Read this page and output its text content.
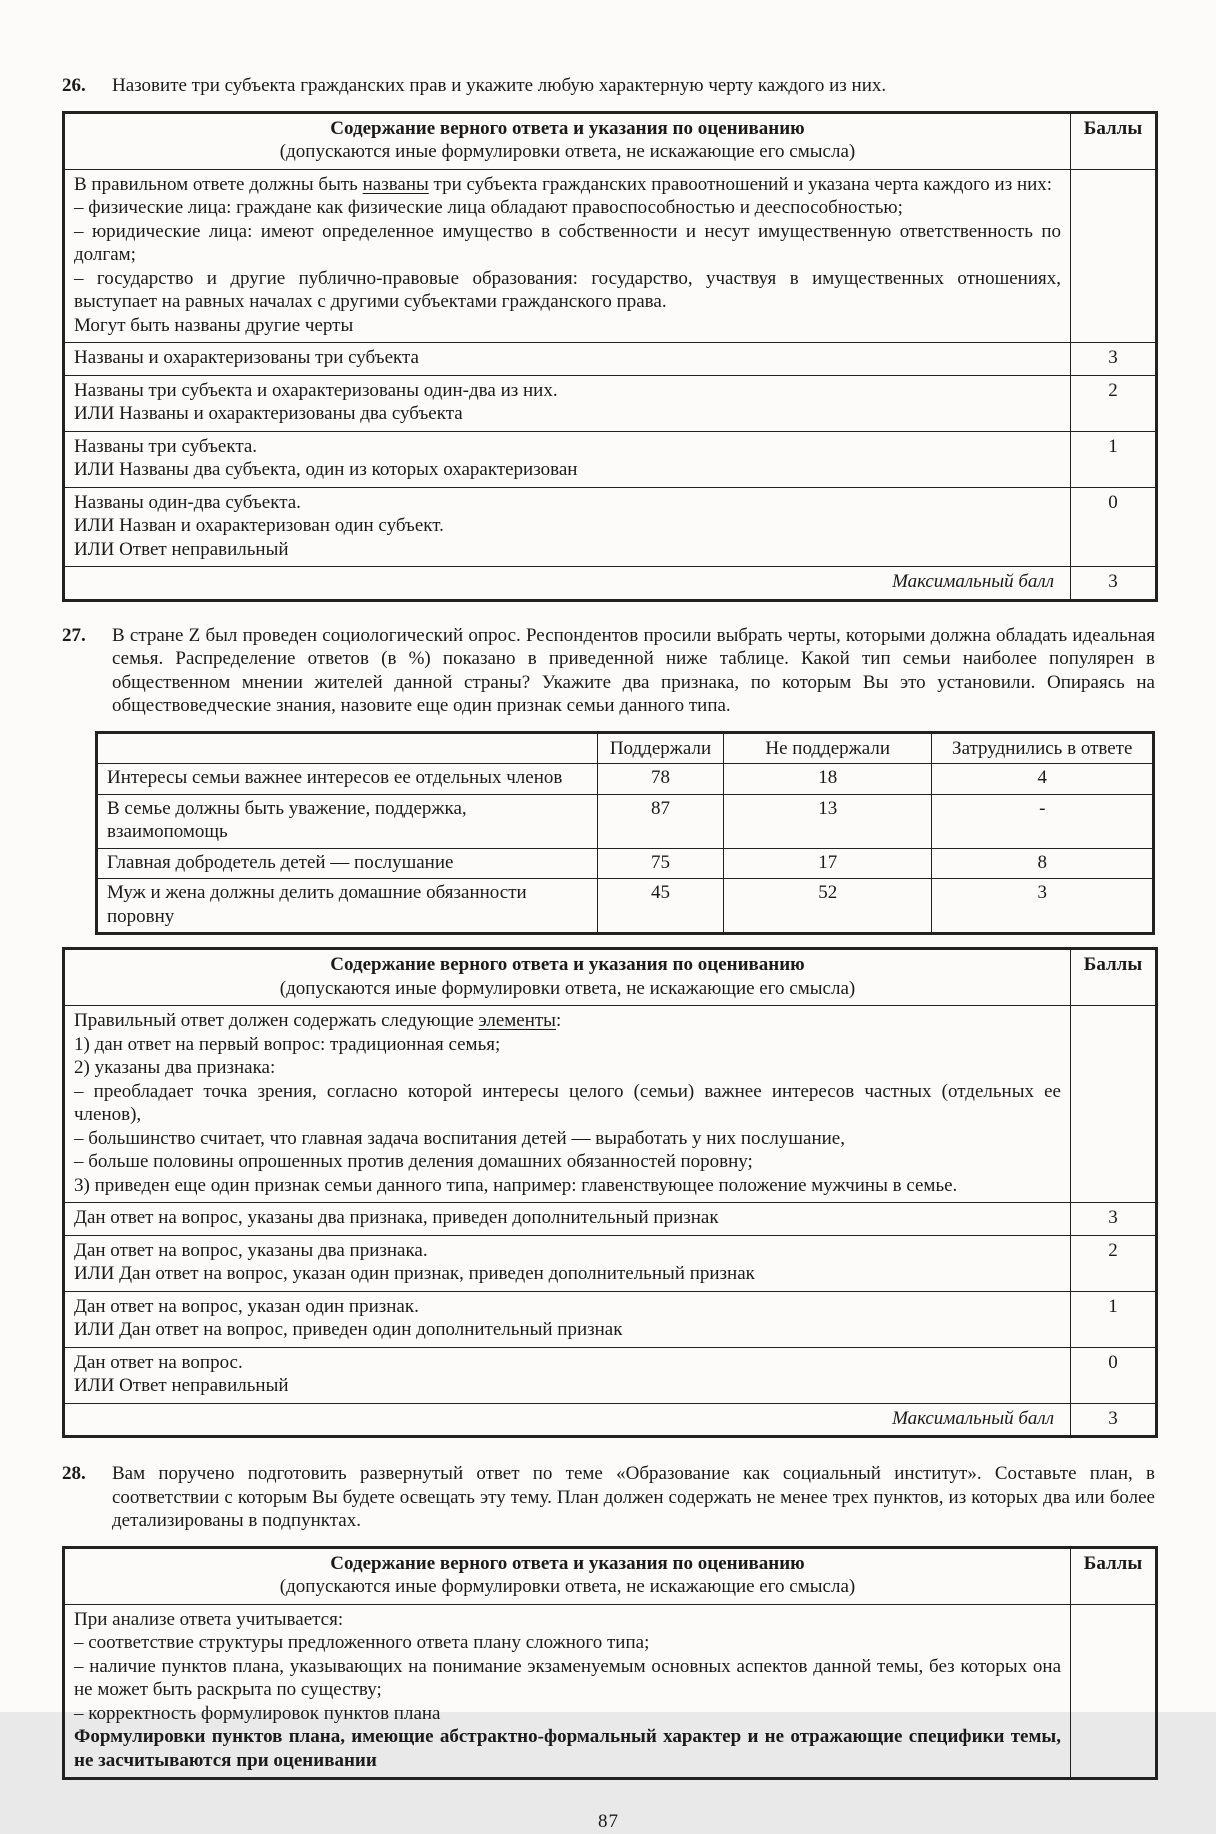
26.	Назовите три субъекта гражданских прав и укажите любую характерную черту каждого из них.
Содержание верного ответа и указания по оцениванию
(допускаются иные формулировки ответа, не искажающие его смысла)	Баллы

В правильном ответе должны быть названы три субъекта гражданских правоотношений и указана черта каждого из них:

– физические лица: граждане как физические лица обладают правоспособностью и дееспособностью;

– юридические лица: имеют определенное имущество в собственности и несут имущественную ответственность по долгам;

– государство и другие публично-правовые образования: государство, участвуя в имущественных отношениях, выступает на равных началах с другими субъектами гражданского права.

Могут быть названы другие черты	

Названы и охарактеризованы три субъекта	3

Названы три субъекта и охарактеризованы один-два из них.

ИЛИ Названы и охарактеризованы два субъекта	2

Названы три субъекта.

ИЛИ Названы два субъекта, один из которых охарактеризован	1

Названы один-два субъекта.

ИЛИ Назван и охарактеризован один субъект.

ИЛИ Ответ неправильный	0
Максимальный балл	3
27.	В стране Z был проведен социологический опрос. Респондентов просили выбрать черты, которыми должна обладать идеальная семья. Распределение ответов (в %) показано в приведенной ниже таблице. Какой тип семьи наиболее популярен в общественном мнении жителей данной страны? Укажите два признака, по которым Вы это установили. Опираясь на обществоведческие знания, назовите еще один признак семьи данного типа.
	Поддержали	Не поддержали	Затруднились в ответе
Интересы семьи важнее интересов ее отдельных членов	78	18	4
В семье должны быть уважение, поддержка, взаимопомощь	87	13	-
Главная добродетель детей — послушание	75	17	8
Муж и жена должны делить домашние обязанности поровну	45	52	3
Содержание верного ответа и указания по оцениванию
(допускаются иные формулировки ответа, не искажающие его смысла)	Баллы

Правильный ответ должен содержать следующие элементы:

1) дан ответ на первый вопрос: традиционная семья;

2) указаны два признака:

– преобладает точка зрения, согласно которой интересы целого (семьи) важнее интересов частных (отдельных ее членов),

– большинство считает, что главная задача воспитания детей — выработать у них послушание,

– больше половины опрошенных против деления домашних обязанностей поровну;

3) приведен еще один признак семьи данного типа, например: главенствующее положение мужчины в семье.

Дан ответ на вопрос, указаны два признака, приведен дополнительный признак	3

Дан ответ на вопрос, указаны два признака.

ИЛИ Дан ответ на вопрос, указан один признак, приведен дополнительный признак	2

Дан ответ на вопрос, указан один признак.

ИЛИ Дан ответ на вопрос, приведен один дополнительный признак	1

Дан ответ на вопрос.

ИЛИ Ответ неправильный	0
Максимальный балл	3
28.	Вам поручено подготовить развернутый ответ по теме «Образование как социальный институт». Составьте план, в соответствии с которым Вы будете освещать эту тему. План должен содержать не менее трех пунктов, из которых два или более детализированы в подпунктах.
Содержание верного ответа и указания по оцениванию
(допускаются иные формулировки ответа, не искажающие его смысла)	Баллы

При анализе ответа учитывается:

– соответствие структуры предложенного ответа плану сложного типа;

– наличие пунктов плана, указывающих на понимание экзаменуемым основных аспектов данной темы, без которых она не может быть раскрыта по существу;

– корректность формулировок пунктов плана

Формулировки пунктов плана, имеющие абстрактно-формальный характер и не отражающие специфики темы, не засчитываются при оценивании	

87
